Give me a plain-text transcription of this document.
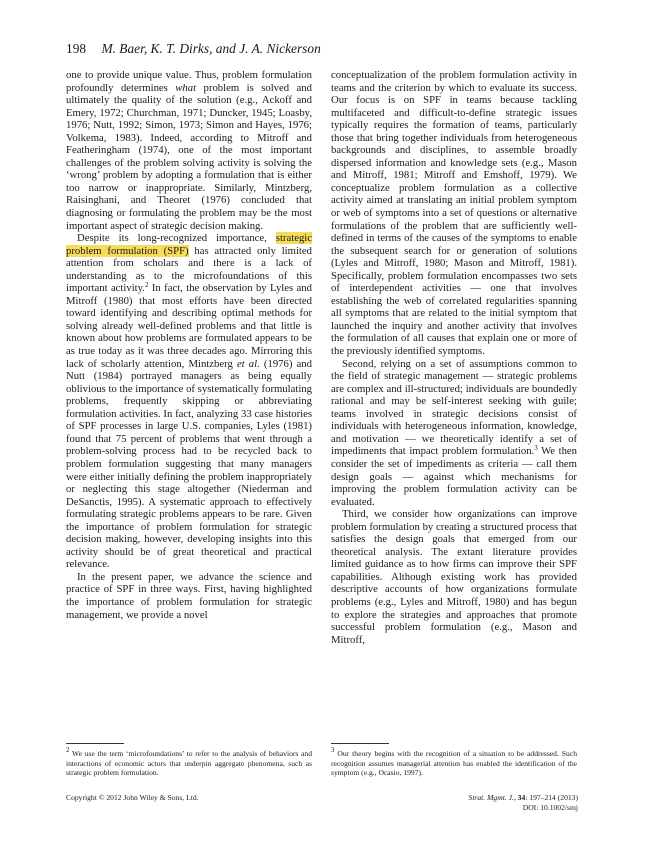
198 M. Baer, K. T. Dirks, and J. A. Nickerson

one to provide unique value. Thus, problem formulation profoundly determines what problem is solved and ultimately the quality of the solution (e.g., Ackoff and Emery, 1972; Churchman, 1971; Duncker, 1945; Loasby, 1976; Nutt, 1992; Simon, 1973; Simon and Hayes, 1976; Volkema, 1983). Indeed, according to Mitroff and Featheringham (1974), one of the most important challenges of the problem solving activity is solving the ‘wrong’ problem by adopting a formulation that is either too narrow or inappropriate. Similarly, Mintzberg, Raisinghani, and Theoret (1976) concluded that diagnosing or formulating the problem may be the most important aspect of strategic decision making.

Despite its long-recognized importance, strategic problem formulation (SPF) has attracted only limited attention from scholars and there is a lack of understanding as to the microfoundations of this important activity.$^2$ In fact, the observation by Lyles and Mitroff (1980) that most efforts have been directed toward identifying and describing optimal methods for solving already well-defined problems and that little is known about how problems are formulated appears to be as true today as it was three decades ago. Mirroring this lack of scholarly attention, Mintzberg et al. (1976) and Nutt (1984) portrayed managers as being equally oblivious to the importance of systematically formulating problems, frequently skipping or abbreviating formulation activities. In fact, analyzing 33 case histories of SPF processes in large U.S. companies, Lyles (1981) found that 75 percent of problems that went through a problem-solving process had to be recycled back to problem formulation suggesting that many managers were either initially defining the problem inappropriately or neglecting this stage altogether (Niederman and DeSanctis, 1995). A systematic approach to effectively formulating strategic problems appears to be rare. Given the importance of problem formulation for strategic decision making, however, developing insights into this activity should be of great theoretical and practical relevance.

In the present paper, we advance the science and practice of SPF in three ways. First, having highlighted the importance of problem formulation for strategic management, we provide a novel

conceptualization of the problem formulation activity in teams and the criterion by which to evaluate its success. Our focus is on SPF in teams because tackling multifaceted and difficult-to-define strategic issues typically requires the formation of teams, particularly those that bring together individuals from heterogeneous backgrounds and disciplines, to assemble broadly dispersed information and knowledge sets (e.g., Mason and Mitroff, 1981; Mitroff and Emshoff, 1979). We conceptualize problem formulation as a collective activity aimed at translating an initial problem symptom or web of symptoms into a set of questions or alternative formulations of the problem that are sufficiently well-defined in terms of the causes of the symptoms to enable the subsequent search for or generation of solutions (Lyles and Mitroff, 1980; Mason and Mitroff, 1981). Specifically, problem formulation encompasses two sets of interdependent activities — one that involves establishing the web of correlated regularities spanning all symptoms that are related to the initial symptom that launched the inquiry and another activity that involves the formulation of all causes that explain one or more of the previously identified symptoms.

Second, relying on a set of assumptions common to the field of strategic management — strategic problems are complex and ill-structured; individuals are boundedly rational and may be self-interest seeking with guile; teams involved in strategic decisions consist of individuals with heterogeneous information, knowledge, and motivation — we theoretically identify a set of impediments that impact problem formulation.$^3$ We then consider the set of impediments as criteria — call them design goals — against which mechanisms for improving the problem formulation activity can be evaluated.

Third, we consider how organizations can improve problem formulation by creating a structured process that satisfies the design goals that emerged from our theoretical analysis. The extant literature provides limited guidance as to how firms can improve their SPF capabilities. Although existing work has provided descriptive accounts of how organizations formulate problems (e.g., Lyles and Mitroff, 1980) and has begun to explore the strategies and approaches that promote successful problem formulation (e.g., Mason and Mitroff,

$^2$ We use the term ‘microfoundations’ to refer to the analysis of behaviors and interactions of economic actors that underpin aggregate phenomena, such as strategic problem formulation.

$^3$ Our theory begins with the recognition of a situation to be addressed. Such recognition assumes managerial attention has enabled the identification of the symptom (e.g., Ocasio, 1997).

Copyright © 2012 John Wiley & Sons, Ltd.	Strat. Mgmt. J., 34: 197–214 (2013)
DOI: 10.1002/smj
